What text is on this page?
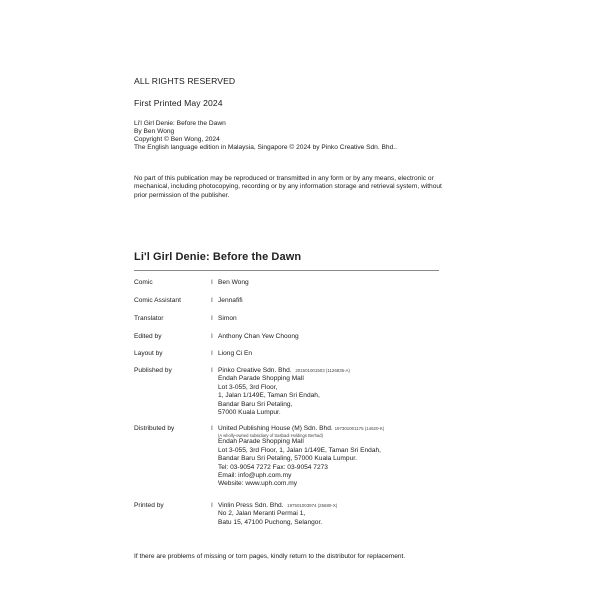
ALL RIGHTS RESERVED
First Printed May 2024
Li'l Girl Denie: Before the Dawn
By Ben Wong
Copyright © Ben Wong, 2024
The English language edition in Malaysia, Singapore © 2024 by Pinko Creative Sdn. Bhd..
No part of this publication may be reproduced or transmitted in any form or by any means, electronic or mechanical, including photocopying, recording or by any information storage and retrieval system, without prior permission of the publisher.
Li'l Girl Denie: Before the Dawn
Comic	I Ben Wong
Comic Assistant	I Jennafifi
Translator	I Simon
Edited by	I Anthony Chan Yew Choong
Layout by	I Liong Ci En
Published by	I Pinko Creative Sdn. Bhd. 201501001503 (1126835-A)
Endah Parade Shopping Mall
Lot 3-055, 3rd Floor,
1, Jalan 1/149E, Taman Sri Endah,
Bandar Baru Sri Petaling,
57000 Kuala Lumpur.
Distributed by	I United Publishing House (M) Sdn. Bhd. 197301001175 (14620-K)
(A wholly-owned subsidiary of Sasbadi Holdings Berhad)
Endah Parade Shopping Mall
Lot 3-055, 3rd Floor, 1, Jalan 1/149E, Taman Sri Endah,
Bandar Baru Sri Petaling, 57000 Kuala Lumpur.
Tel: 03-9054 7272 Fax: 03-9054 7273
Email: info@uph.com.my
Website: www.uph.com.my
Printed by	I Vinlin Press Sdn. Bhd. 197501003974 (25680-X)
No 2, Jalan Meranti Permai 1,
Batu 15, 47100 Puchong, Selangor.
If there are problems of missing or torn pages, kindly return to the distributor for replacement.
